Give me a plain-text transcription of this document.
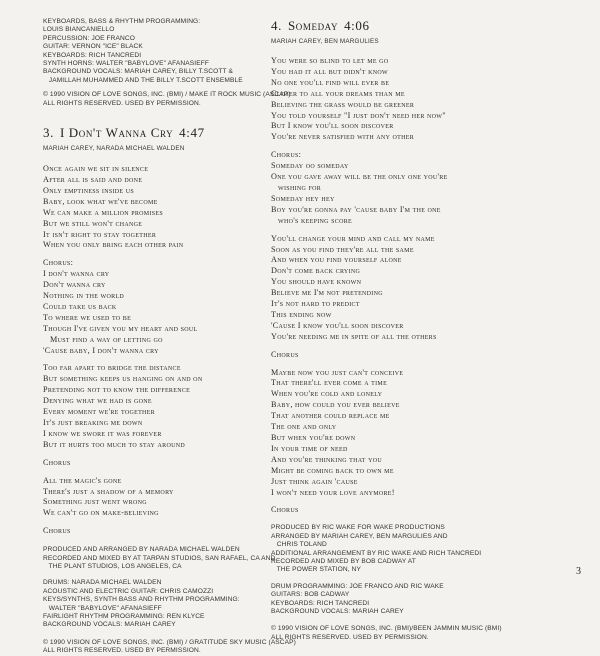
KEYBOARDS, BASS & RHYTHM PROGRAMMING:
LOUIS BIANCANIELLO
PERCUSSION: JOE FRANCO
GUITAR: VERNON "ICE" BLACK
KEYBOARDS: RICH TANCREDI
SYNTH HORNS: WALTER "BABYLOVE" AFANASIEFF
BACKGROUND VOCALS: MARIAH CAREY, BILLY T.SCOTT &
JAMILLAH MUHAMMED AND THE BILLY T.SCOTT ENSEMBLE
© 1990 VISION OF LOVE SONGS, INC. (BMI) / MAKE IT ROCK MUSIC (ASCAP)
ALL RIGHTS RESERVED. USED BY PERMISSION.
3. I Don't Wanna Cry 4:47
MARIAH CAREY, NARADA MICHAEL WALDEN
Once again we sit in silence
After all is said and done
Only emptiness inside us
Baby, look what we've become
We can make a million promises
But we still won't change
It isn't right to stay together
When you only bring each other pain
Chorus:
I don't wanna cry
Don't wanna cry
Nothing in the world
Could take us back
To where we used to be
Though I've given you my heart and soul
Must find a way of letting go
'Cause baby, I don't wanna cry
Too far apart to bridge the distance
But something keeps us hanging on and on
Pretending not to know the difference
Denying what we had is gone
Every moment we're together
It's just breaking me down
I know we swore it was forever
But it hurts too much to stay around
Chorus
All the magic's gone
There's just a shadow of a memory
Something just went wrong
We can't go on make-believing
Chorus
PRODUCED AND ARRANGED BY NARADA MICHAEL WALDEN
RECORDED AND MIXED BY AT TARPAN STUDIOS, SAN RAFAEL, CA AND
THE PLANT STUDIOS, LOS ANGELES, CA
DRUMS: NARADA MICHAEL WALDEN
ACOUSTIC AND ELECTRIC GUITAR: CHRIS CAMOZZI
KEYS/SYNTHS, SYNTH BASS AND RHYTHM PROGRAMMING:
WALTER "BABYLOVE" AFANASIEFF
FAIRLIGHT RHYTHM PROGRAMMING: REN KLYCE
BACKGROUND VOCALS: MARIAH CAREY
© 1990 VISION OF LOVE SONGS, INC. (BMI) / GRATITUDE SKY MUSIC (ASCAP)
ALL RIGHTS RESERVED. USED BY PERMISSION.
4. Someday 4:06
MARIAH CAREY, BEN MARGULIES
You were so blind to let me go
You had it all but didn't know
No one you'll find will ever be
Closer to all your dreams than me
Believing the grass would be greener
You told yourself "I just don't need her now"
But I know you'll soon discover
You're never satisfied with any other
Chorus:
Someday oo someday
One you gave away will be the only one you're
wishing for
Someday hey hey
Boy you're gonna pay 'cause baby I'm the one
who's keeping score
You'll change your mind and call my name
Soon as you find they're all the same
And when you find yourself alone
Don't come back crying
You should have known
Believe me I'm not pretending
It's not hard to predict
This ending now
'Cause I know you'll soon discover
You're needing me in spite of all the others
Chorus
Maybe now you just can't conceive
That there'll ever come a time
When you're cold and lonely
Baby, how could you ever believe
That another could replace me
The one and only
But when you're down
In your time of need
And you're thinking that you
Might be coming back to own me
Just think again 'cause
I won't need your love anymore!
Chorus
PRODUCED BY RIC WAKE FOR WAKE PRODUCTIONS
ARRANGED BY MARIAH CAREY, BEN MARGULIES AND
CHRIS TOLAND
ADDITIONAL ARRANGEMENT BY RIC WAKE AND RICH TANCREDI
RECORDED AND MIXED BY BOB CADWAY AT
THE POWER STATION, NY
DRUM PROGRAMMING: JOE FRANCO AND RIC WAKE
GUITARS: BOB CADWAY
KEYBOARDS: RICH TANCREDI
BACKGROUND VOCALS: MARIAH CAREY
© 1990 VISION OF LOVE SONGS, INC. (BMI)/BEEN JAMMIN MUSIC (BMI)
ALL RIGHTS RESERVED. USED BY PERMISSION.
3
